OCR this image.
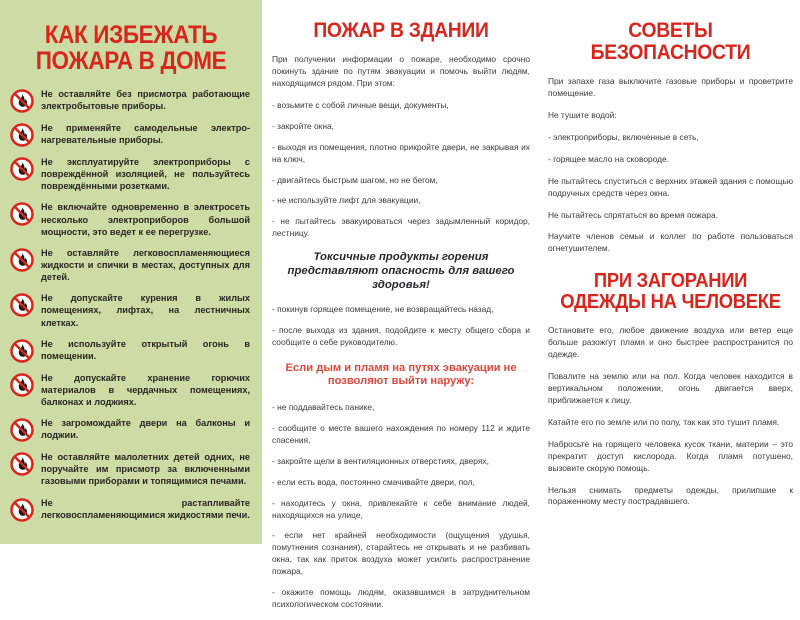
КАК ИЗБЕЖАТЬ ПОЖАРА В ДОМЕ
Не оставляйте без присмотра работающие электробытовые приборы.
Не применяйте самодельные электро-нагревательные приборы.
Не эксплуатируйте электроприборы с повреждённой изоляцией, не пользуйтесь повреждёнными розетками.
Не включайте одновременно в электросеть несколько электроприборов большой мощности, это ведет к ее перегрузке.
Не оставляйте легковоспламеняющиеся жидкости и спички в местах, доступных для детей.
Не допускайте курения в жилых помещениях, лифтах, на лестничных клетках.
Не используйте открытый огонь в помещении.
Не допускайте хранение горючих материалов в чердачных помещениях, балконах и лоджиях.
Не загромождайте двери на балконы и лоджии.
Не оставляйте малолетних детей одних, не поручайте им присмотр за включенными газовыми приборами и топящимися печами.
Не растапливайте легковоспламеняющимися жидкостями печи.
ПОЖАР В ЗДАНИИ

При получении информации о пожаре, необходимо срочно покинуть здание по путям эвакуации и помочь выйти людям, находящимся рядом. При этом:

- возьмите с собой личные вещи, документы,

- закройте окна,

- выходя из помещения, плотно прикройте двери, не закрывая их на ключ,

- двигайтесь быстрым шагом, но не бегом,

- не используйте лифт для эвакуации,

- не пытайтесь эвакуироваться через задымленный коридор, лестницу.

Токсичные продукты горения представляют опасность для вашего здоровья!

- покинув горящее помещение, не возвращайтесь назад,

- после выхода из здания, подойдите к месту общего сбора и сообщите о себе руководителю.

Если дым и пламя на путях эвакуации не позволяют выйти наружу:

- не поддавайтесь панике,

- сообщите о месте вашего нахождения по номеру 112 и ждите спасения,

- закройте щели в вентиляционных отверстиях, дверях,

- если есть вода, постоянно смачивайте двери, пол,

- находитесь у окна, привлекайте к себе внимание людей, находящихся на улице,

- если нет крайней необходимости (ощущения удушья, помутнения сознания), старайтесь не открывать и не разбивать окна, так как приток воздуха может усилить распространение пожара,

- окажите помощь людям, оказавшимся в затруднительном психологическом состоянии.

СОВЕТЫ БЕЗОПАСНОСТИ

При запахе газа выключите газовые приборы и проветрите помещение.

Не тушите водой:

- электроприборы, включенные в сеть,

- горящее масло на сковороде.

Не пытайтесь спуститься с верхних этажей здания с помощью подручных средств через окна.

Не пытайтесь спрятаться во время пожара.

Научите членов семьи и коллег по работе пользоваться огнетушителем.

ПРИ ЗАГОРАНИИ ОДЕЖДЫ НА ЧЕЛОВЕКЕ

Остановите его, любое движение воздуха или ветер еще больше разожгут пламя и оно быстрее распространится по одежде.

Повалите на землю или на пол. Когда человек находится в вертикальном положении, огонь двигается вверх, приближается к лицу.

Катайте его по земле или по полу, так как это тушит пламя.

Набросьте на горящего человека кусок ткани, материи – это прекратит доступ кислорода. Когда пламя потушено, вызовите скорую помощь.

Нельзя снимать предметы одежды, прилипшие к пораженному месту пострадавшего.
